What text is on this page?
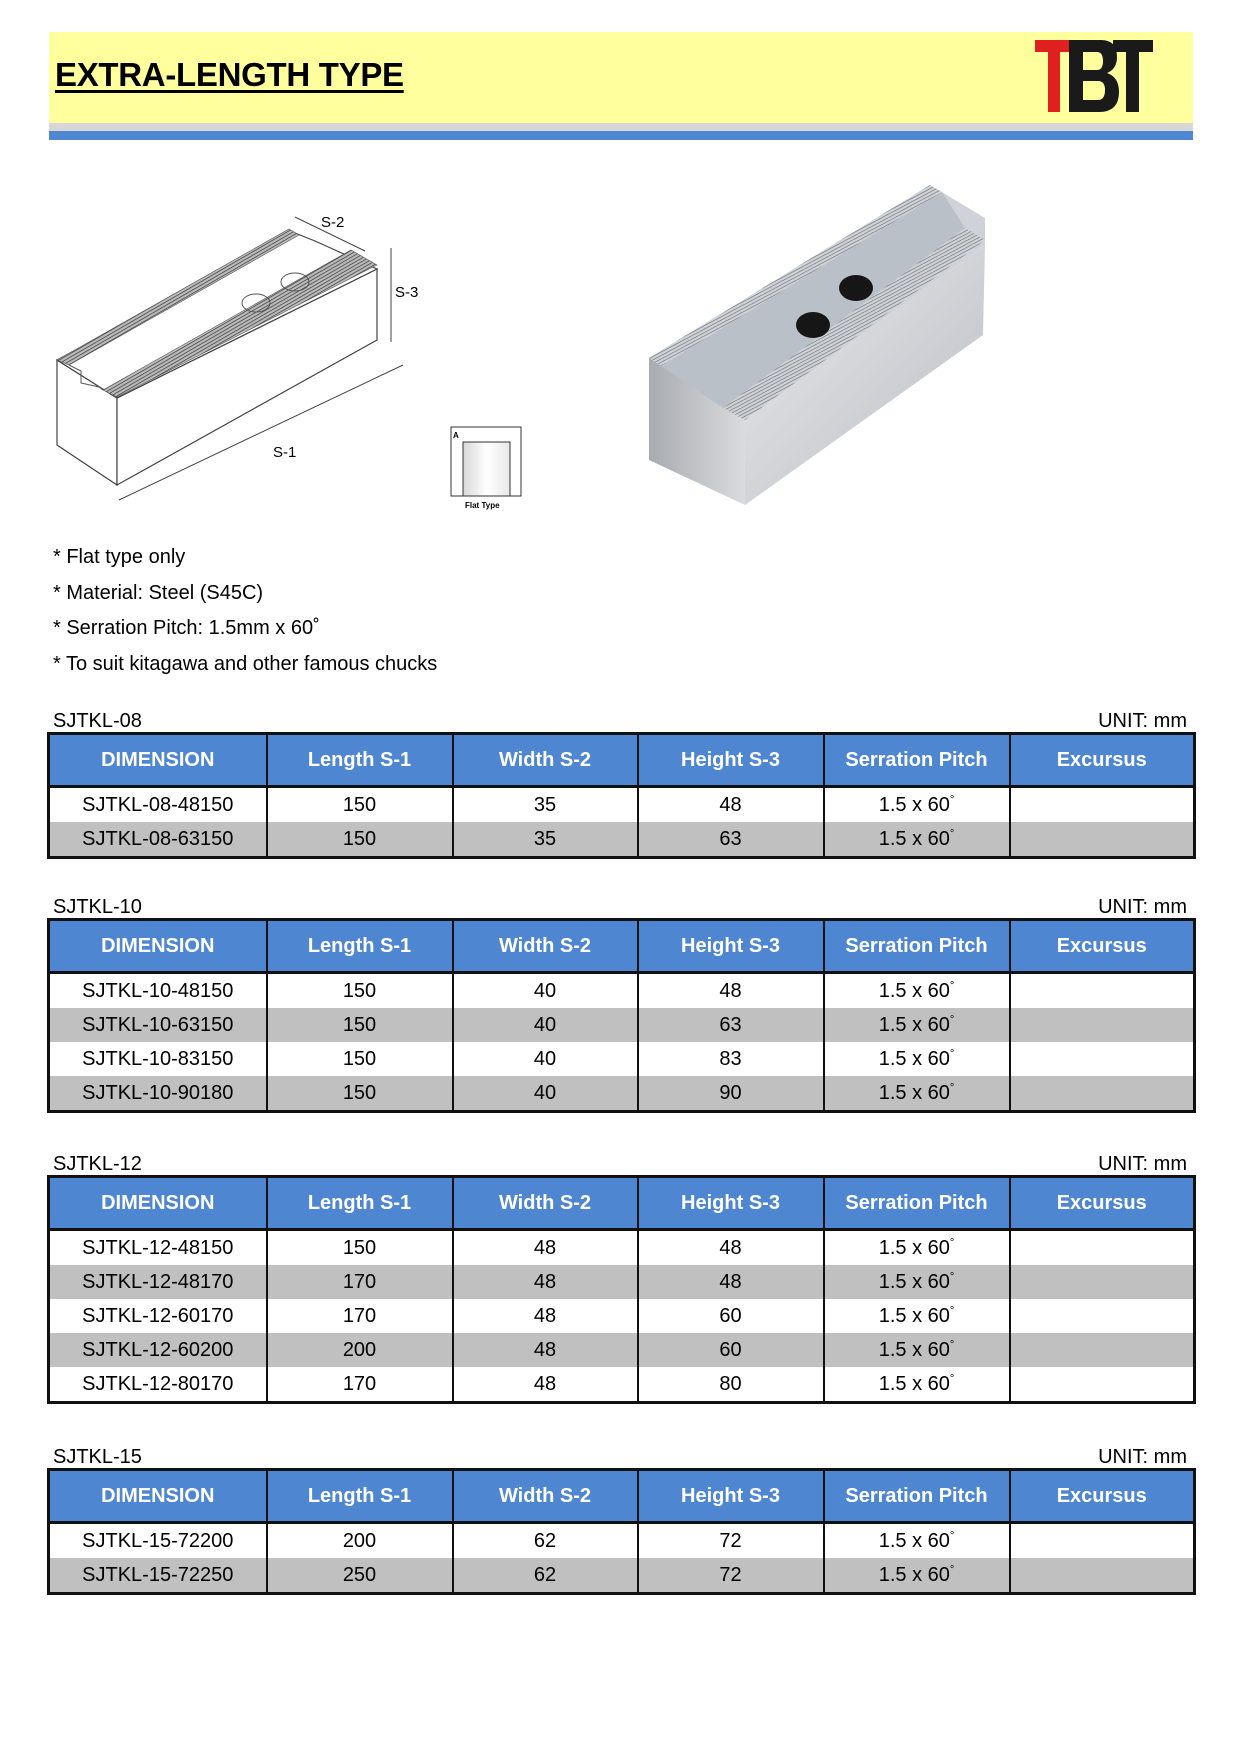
EXTRA-LENGTH TYPE
S-2
S-3
S-1
A
Flat Type
* Flat type only
* Material: Steel (S45C)
* Serration Pitch: 1.5mm x 60˚
* To suit kitagawa and other famous chucks
SJTKL-08	UNIT: mm
DIMENSION	Length S-1	Width S-2	Height S-3	Serration Pitch	Excursus
SJTKL-08-48150	150	35	48	1.5 x 60°	
SJTKL-08-63150	150	35	63	1.5 x 60°	
SJTKL-10	UNIT: mm
DIMENSION	Length S-1	Width S-2	Height S-3	Serration Pitch	Excursus
SJTKL-10-48150	150	40	48	1.5 x 60°	
SJTKL-10-63150	150	40	63	1.5 x 60°	
SJTKL-10-83150	150	40	83	1.5 x 60°	
SJTKL-10-90180	150	40	90	1.5 x 60°	
SJTKL-12	UNIT: mm
DIMENSION	Length S-1	Width S-2	Height S-3	Serration Pitch	Excursus
SJTKL-12-48150	150	48	48	1.5 x 60°	
SJTKL-12-48170	170	48	48	1.5 x 60°	
SJTKL-12-60170	170	48	60	1.5 x 60°	
SJTKL-12-60200	200	48	60	1.5 x 60°	
SJTKL-12-80170	170	48	80	1.5 x 60°	
SJTKL-15	UNIT: mm
DIMENSION	Length S-1	Width S-2	Height S-3	Serration Pitch	Excursus
SJTKL-15-72200	200	62	72	1.5 x 60°	
SJTKL-15-72250	250	62	72	1.5 x 60°	
